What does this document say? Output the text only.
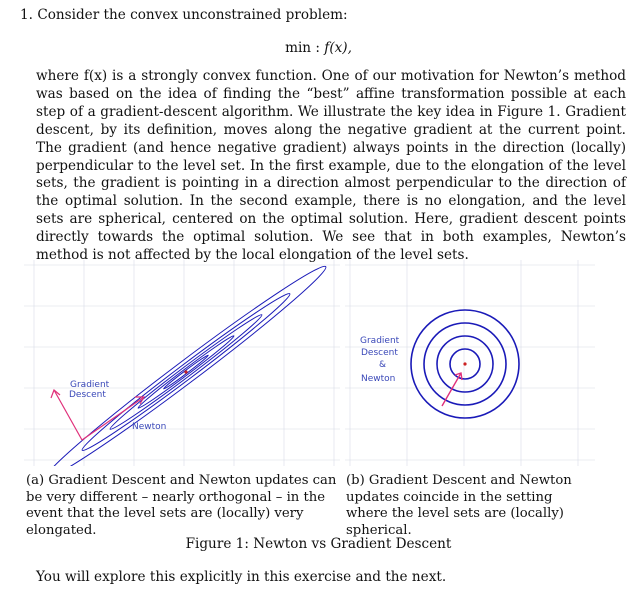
1. Consider the convex unconstrained problem:
min : f(x),
where f(x) is a strongly convex function. One of our motivation for Newton’s method was based on the idea of finding the “best” affine transformation possible at each step of a gradient-descent algorithm. We illustrate the key idea in Figure 1. Gradient descent, by its definition, moves along the negative gradient at the current point. The gradient (and hence negative gradient) always points in the direction (locally) perpendicular to the level set. In the first example, due to the elongation of the level sets, the gradient is pointing in a direction almost perpendicular to the direction of the optimal solution. In the second example, there is no elongation, and the level sets are spherical, centered on the optimal solution. Here, gradient descent points directly towards the optimal solution. We see that in both examples, Newton’s method is not affected by the local elongation of the level sets.
Gradient
Descent
Newton
Gradient
Descent
&
Newton
(a) Gradient Descent and Newton updates can be very different – nearly orthogonal – in the event that the level sets are (locally) very elongated.
(b) Gradient Descent and Newton updates coincide in the setting where the level sets are (locally) spherical.
Figure 1: Newton vs Gradient Descent
You will explore this explicitly in this exercise and the next.
